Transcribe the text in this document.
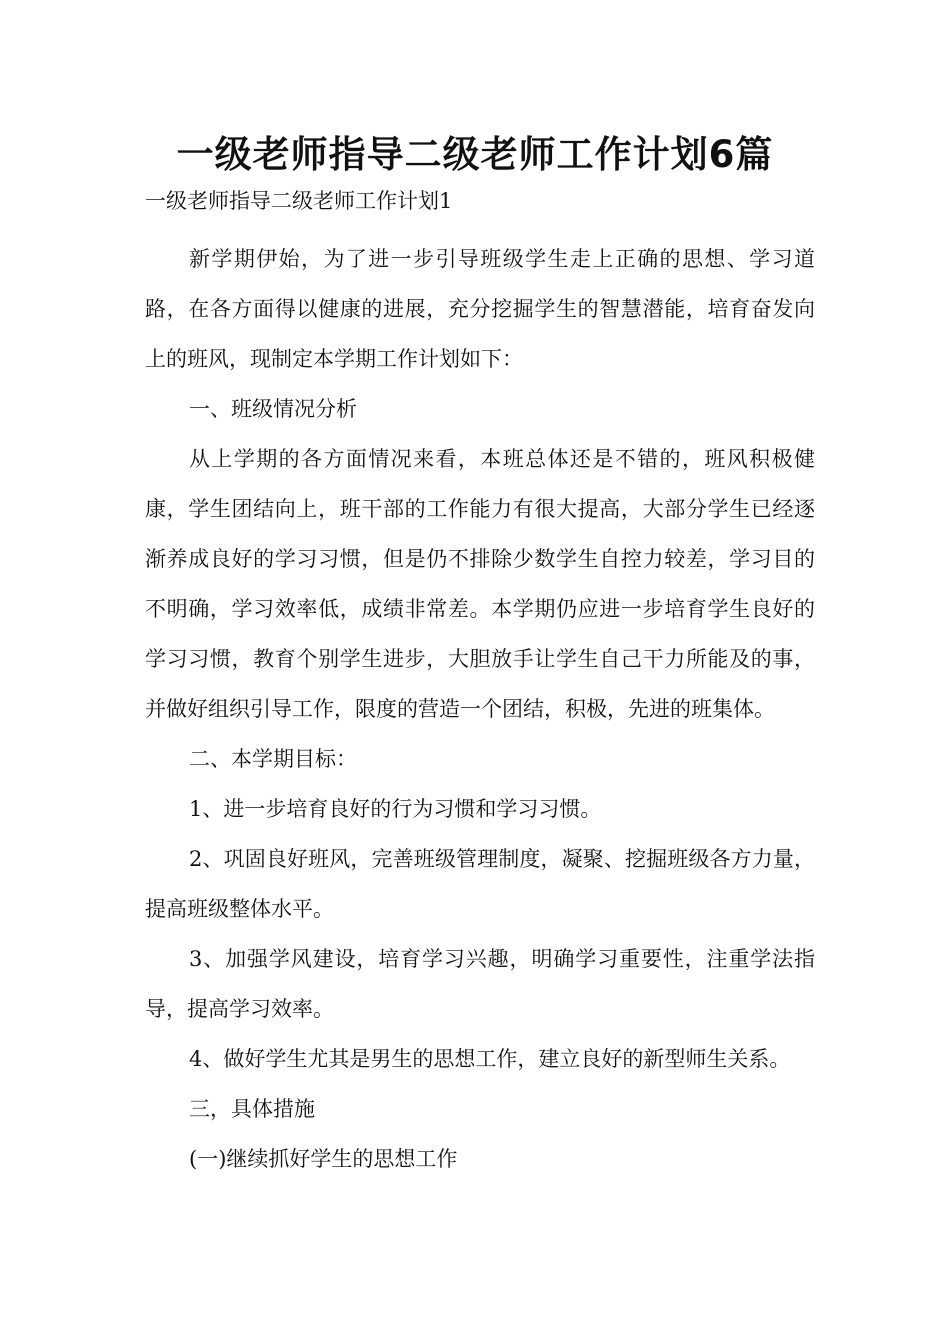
一级老师指导二级老师工作计划6篇
一级老师指导二级老师工作计划1

新学期伊始，为了进一步引导班级学生走上正确的思想、学习道路，在各方面得以健康的进展，充分挖掘学生的智慧潜能，培育奋发向上的班风，现制定本学期工作计划如下：

一、班级情况分析

从上学期的各方面情况来看，本班总体还是不错的，班风积极健康，学生团结向上，班干部的工作能力有很大提高，大部分学生已经逐渐养成良好的学习习惯，但是仍不排除少数学生自控力较差，学习目的不明确，学习效率低，成绩非常差。本学期仍应进一步培育学生良好的学习习惯，教育个别学生进步，大胆放手让学生自己干力所能及的事，并做好组织引导工作，限度的营造一个团结，积极，先进的班集体。

二、本学期目标：

1、进一步培育良好的行为习惯和学习习惯。

2、巩固良好班风，完善班级管理制度，凝聚、挖掘班级各方力量，提高班级整体水平。

3、加强学风建设，培育学习兴趣，明确学习重要性，注重学法指导，提高学习效率。

4、做好学生尤其是男生的思想工作，建立良好的新型师生关系。

三，具体措施

(一)继续抓好学生的思想工作
